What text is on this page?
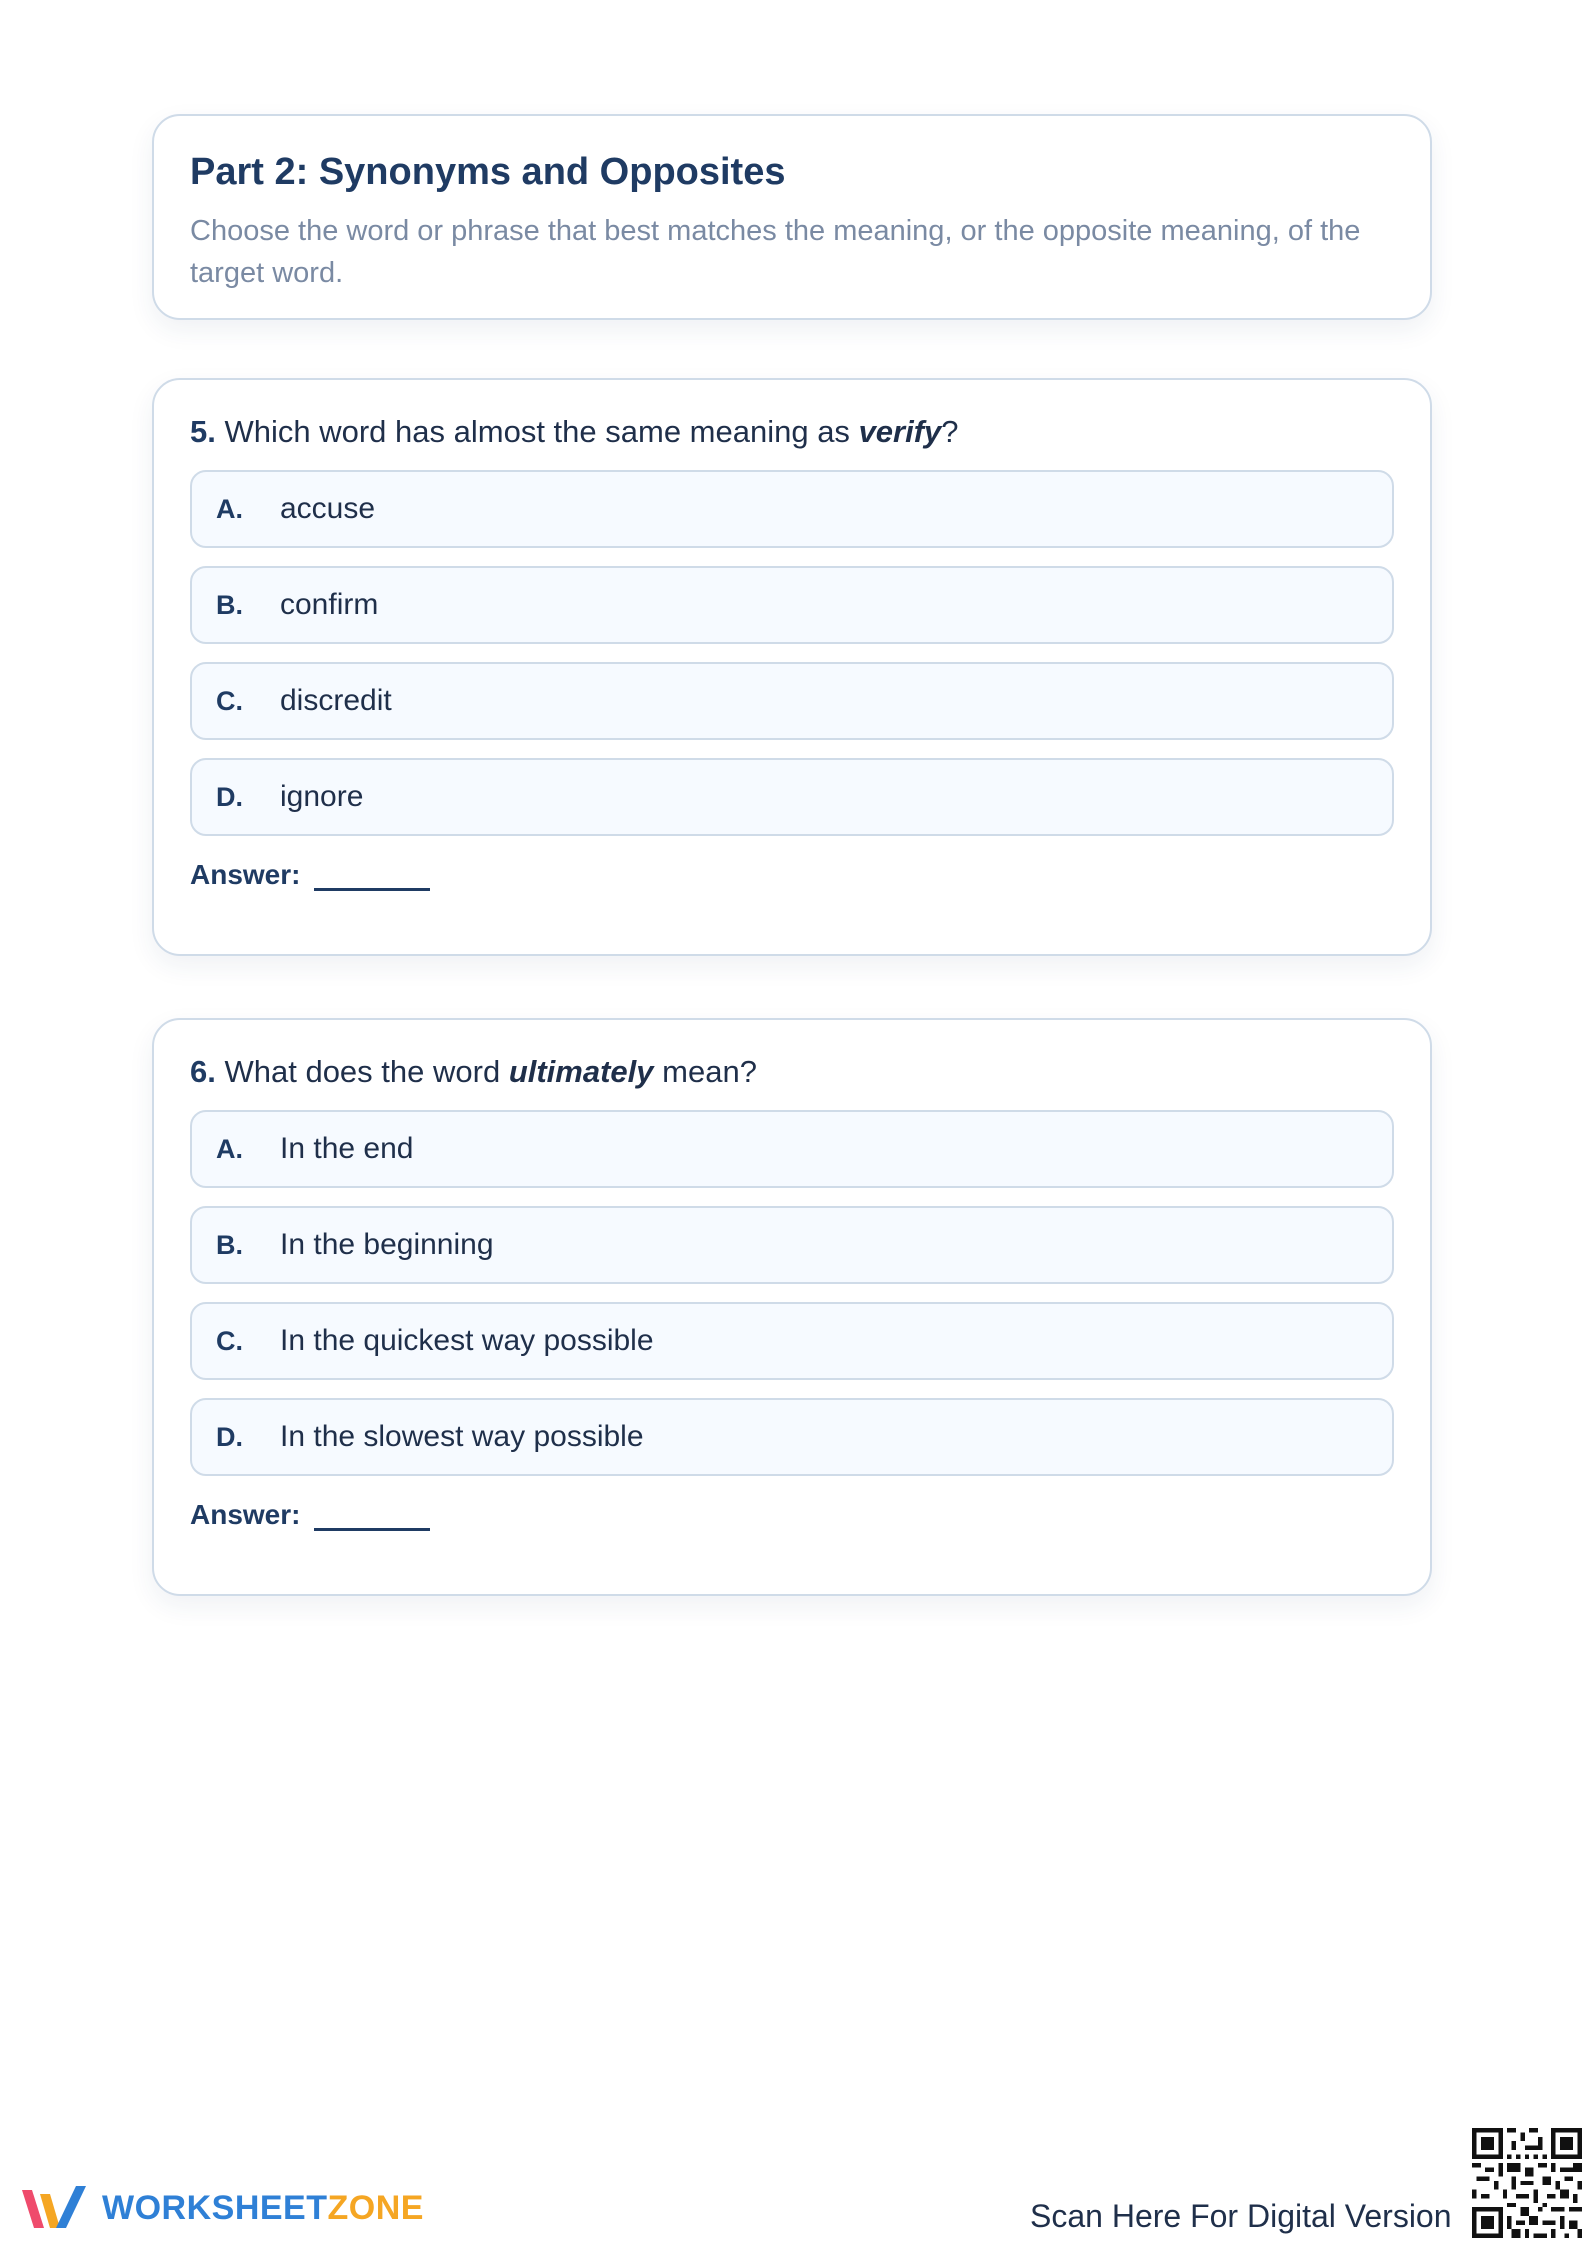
Part 2: Synonyms and Opposites

Choose the word or phrase that best matches the meaning, or the opposite meaning, of the target word.

5. Which word has almost the same meaning as verify?

A.	accuse
B.	confirm
C.	discredit
D.	ignore
Answer:

6. What does the word ultimately mean?

A.	In the end
B.	In the beginning
C.	In the quickest way possible
D.	In the slowest way possible
Answer:
WORKSHEETZONE	Scan Here For Digital Version
